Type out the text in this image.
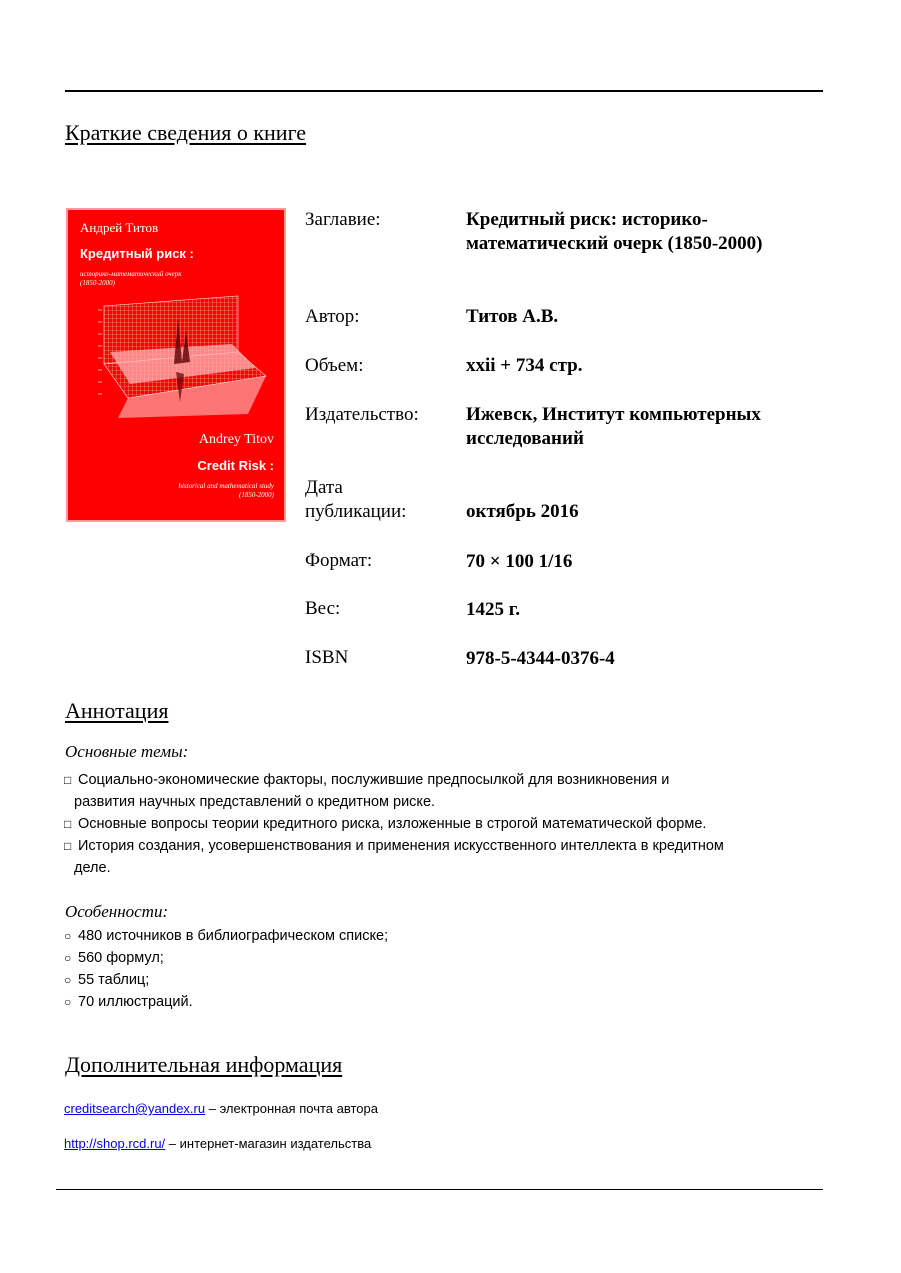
Краткие сведения о книге
Андрей Титов
Кредитный риск :
историко-математический очерк
(1850-2000)
Andrey Titov
Credit Risk :
historical and mathematical study
(1850-2000)
Заглавие:	Кредитный риск: историко-
математический очерк (1850-2000)
Автор:	Титов А.В.
Объем:	xxii + 734 стр.
Издательство: Ижевск, Институт компьютерных
исследований
Дата
публикации:	октябрь 2016
Формат:	70 × 100 1/16
Вес:	1425 г.
ISBN	978-5-4344-0376-4
Аннотация
Основные темы:
□ Социально-экономические факторы, послужившие предпосылкой для возникновения и
развития научных представлений о кредитном риске.
□ Основные вопросы теории кредитного риска, изложенные в строгой математической форме.
□ История создания, усовершенствования и применения искусственного интеллекта в кредитном
деле.
Особенности:
○ 480 источников в библиографическом списке;
○ 560 формул;
○ 55 таблиц;
○ 70 иллюстраций.
Дополнительная информация
creditsearch@yandex.ru – электронная почта автора
http://shop.rcd.ru/ – интернет-магазин издательства
